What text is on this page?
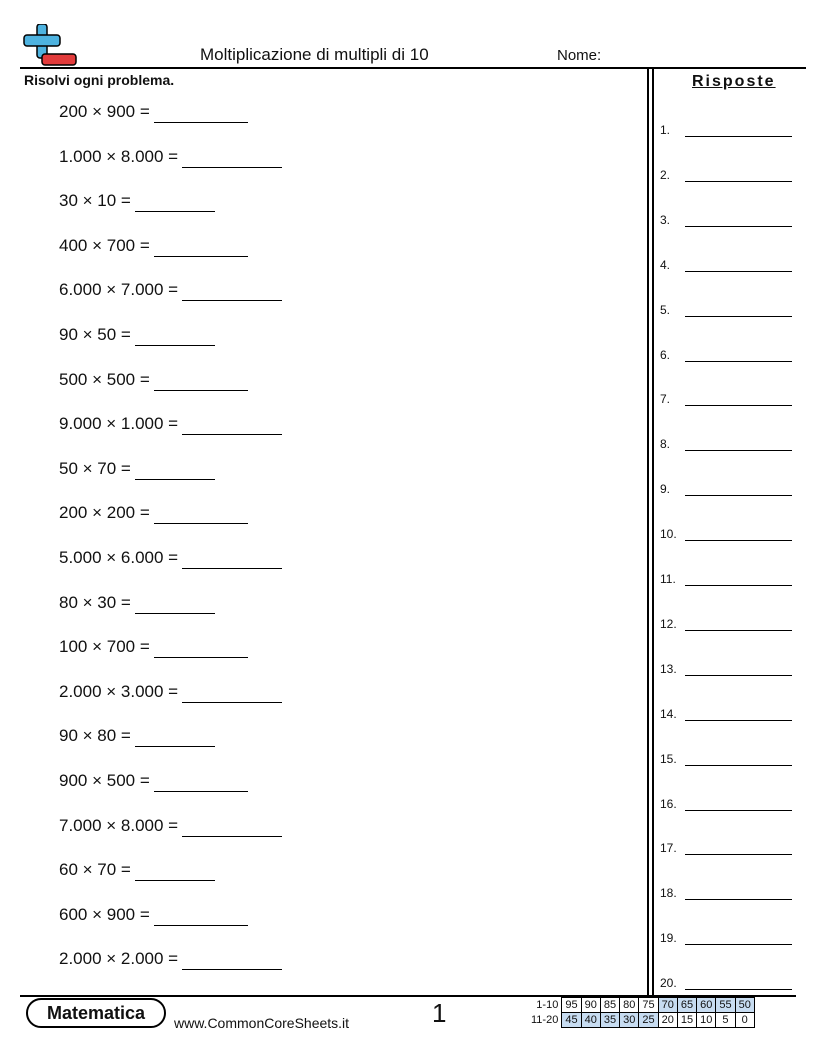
Moltiplicazione di multipli di 10	Nome:
Risolvi ogni problema.	Risposte
200 × 900 =
1.000 × 8.000 =
30 × 10 =
400 × 700 =
6.000 × 7.000 =
90 × 50 =
500 × 500 =
9.000 × 1.000 =
50 × 70 =
200 × 200 =
5.000 × 6.000 =
80 × 30 =
100 × 700 =
2.000 × 3.000 =
90 × 80 =
900 × 500 =
7.000 × 8.000 =
60 × 70 =
600 × 900 =
2.000 × 2.000 =
1.
2.
3.
4.
5.
6.
7.
8.
9.
10.
11.
12.
13.
14.
15.
16.
17.
18.
19.
20.
Matematica	www.CommonCoreSheets.it	1	1-10	95	90	85	80	75	70	65	60	55	50
11-20	45	40	35	30	25	20	15	10	5	0
